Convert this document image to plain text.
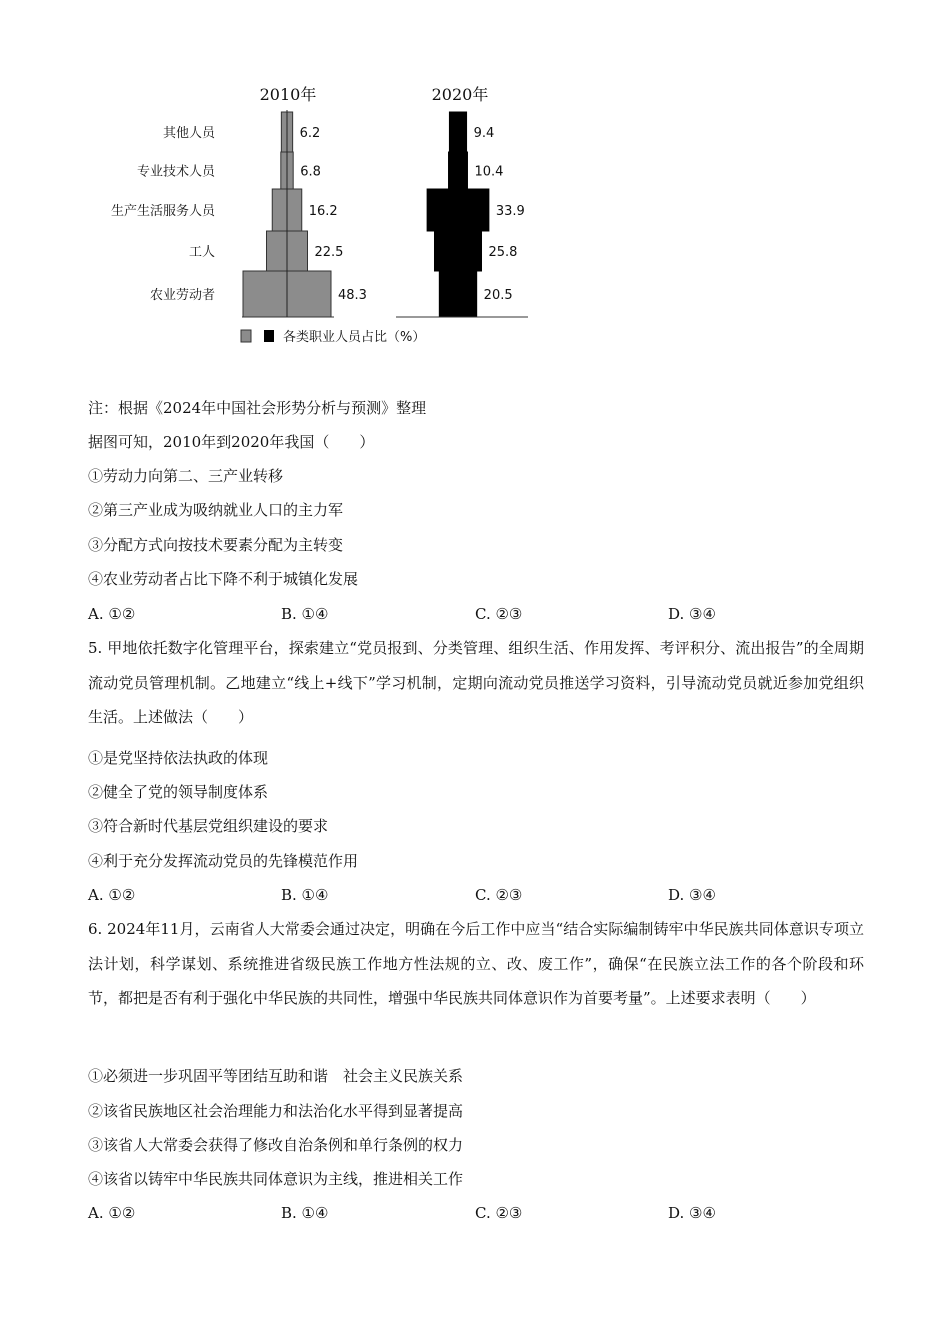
2010年	2020年
其他人员
专业技术人员
生产生活服务人员
工人
农业劳动者
6.2
6.8
16.2
22.5
48.3
9.4
10.4
33.9
25.8
20.5
各类职业人员占比（%）
注：根据《2024年中国社会形势分析与预测》整理
据图可知，2010年到2020年我国（　　）
①劳动力向第二、三产业转移
②第三产业成为吸纳就业人口的主力军
③分配方式向按技术要素分配为主转变
④农业劳动者占比下降不利于城镇化发展
A. ①②	B. ①④	C. ②③	D. ③④
5. 甲地依托数字化管理平台，探索建立“党员报到、分类管理、组织生活、作用发挥、考评积分、流出报告”的全周期流动党员管理机制。乙地建立“线上+线下”学习机制，定期向流动党员推送学习资料，引导流动党员就近参加党组织生活。上述做法（　　）
①是党坚持依法执政的体现
②健全了党的领导制度体系
③符合新时代基层党组织建设的要求
④利于充分发挥流动党员的先锋模范作用
A. ①②	B. ①④	C. ②③	D. ③④
6. 2024年11月，云南省人大常委会通过决定，明确在今后工作中应当“结合实际编制铸牢中华民族共同体意识专项立法计划，科学谋划、系统推进省级民族工作地方性法规的立、改、废工作”，确保“在民族立法工作的各个阶段和环节，都把是否有利于强化中华民族的共同性，增强中华民族共同体意识作为首要考量”。上述要求表明（　　）
①必须进一步巩固平等团结互助和谐　社会主义民族关系
②该省民族地区社会治理能力和法治化水平得到显著提高
③该省人大常委会获得了修改自治条例和单行条例的权力
④该省以铸牢中华民族共同体意识为主线，推进相关工作
A. ①②	B. ①④	C. ②③	D. ③④
